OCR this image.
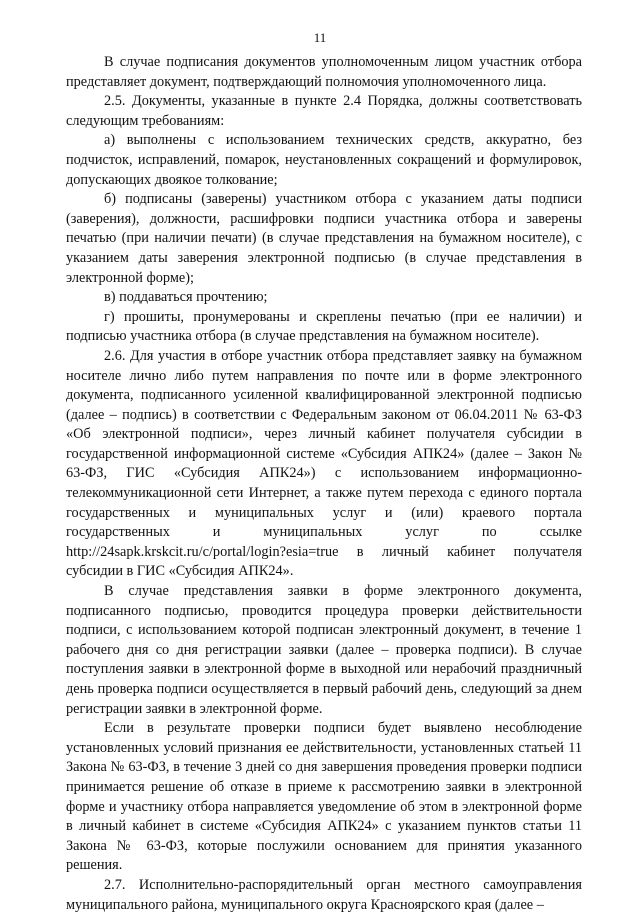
11

В случае подписания документов уполномоченным лицом участник отбора представляет документ, подтверждающий полномочия уполномоченного лица.

2.5. Документы, указанные в пункте 2.4 Порядка, должны соответствовать следующим требованиям:

а) выполнены с использованием технических средств, аккуратно, без подчисток, исправлений, помарок, неустановленных сокращений и формулировок, допускающих двоякое толкование;

б) подписаны (заверены) участником отбора с указанием даты подписи (заверения), должности, расшифровки подписи участника отбора и заверены печатью (при наличии печати) (в случае представления на бумажном носителе), с указанием даты заверения электронной подписью (в случае представления в электронной форме);

в) поддаваться прочтению;

г) прошиты, пронумерованы и скреплены печатью (при ее наличии) и подписью участника отбора (в случае представления на бумажном носителе).

2.6. Для участия в отборе участник отбора представляет заявку на бумажном носителе лично либо путем направления по почте или в форме электронного документа, подписанного усиленной квалифицированной электронной подписью (далее – подпись) в соответствии с Федеральным законом от 06.04.2011 № 63-ФЗ «Об электронной подписи», через личный кабинет получателя субсидии в государственной информационной системе «Субсидия АПК24» (далее – Закон № 63-ФЗ, ГИС «Субсидия АПК24») с использованием информационно-телекоммуникационной сети Интернет, а также путем перехода с единого портала государственных и муниципальных услуг и (или) краевого портала государственных и муниципальных услуг по ссылке http://24sapk.krskcit.ru/c/portal/login?esia=true в личный кабинет получателя субсидии в ГИС «Субсидия АПК24».

В случае представления заявки в форме электронного документа, подписанного подписью, проводится процедура проверки действительности подписи, с использованием которой подписан электронный документ, в течение 1 рабочего дня со дня регистрации заявки (далее – проверка подписи). В случае поступления заявки в электронной форме в выходной или нерабочий праздничный день проверка подписи осуществляется в первый рабочий день, следующий за днем регистрации заявки в электронной форме.

Если в результате проверки подписи будет выявлено несоблюдение установленных условий признания ее действительности, установленных статьей 11 Закона № 63-ФЗ, в течение 3 дней со дня завершения проведения проверки подписи принимается решение об отказе в приеме к рассмотрению заявки в электронной форме и участнику отбора направляется уведомление об этом в электронной форме в личный кабинет в системе «Субсидия АПК24» с указанием пунктов статьи 11 Закона № 63-ФЗ, которые послужили основанием для принятия указанного решения.

2.7. Исполнительно-распорядительный орган местного самоуправления муниципального района, муниципального округа Красноярского края (далее –
